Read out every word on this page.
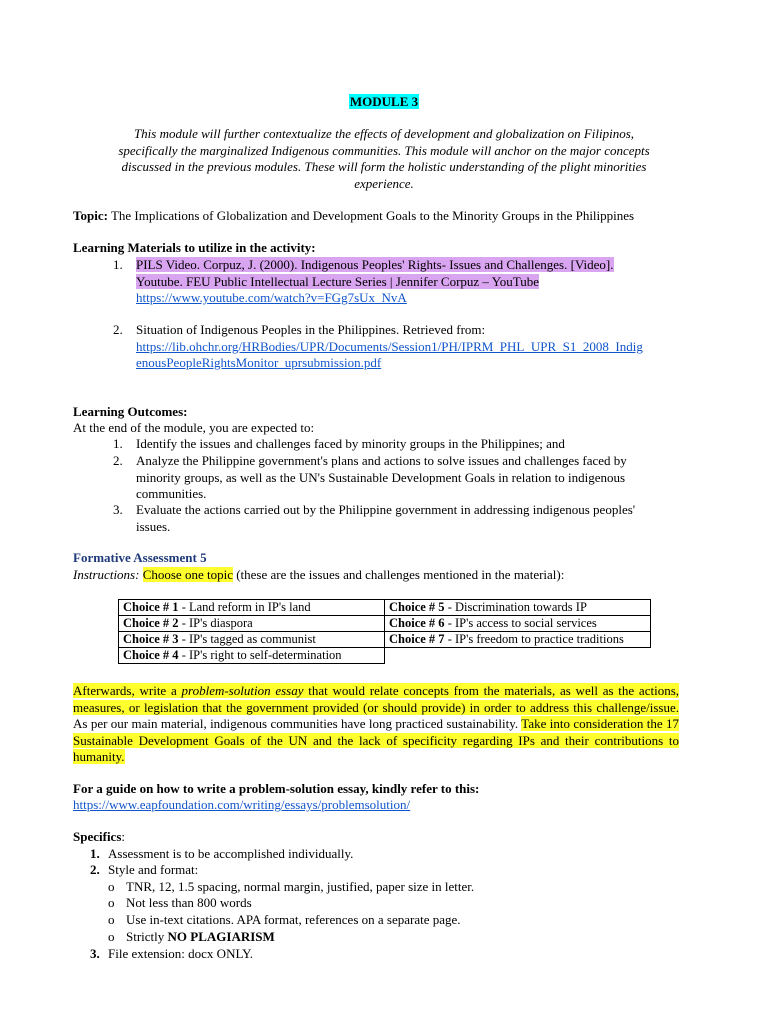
MODULE 3
This module will further contextualize the effects of development and globalization on Filipinos, specifically the marginalized Indigenous communities. This module will anchor on the major concepts discussed in the previous modules. These will form the holistic understanding of the plight minorities experience.
Topic: The Implications of Globalization and Development Goals to the Minority Groups in the Philippines
Learning Materials to utilize in the activity:
1. PILS Video. Corpuz, J. (2000). Indigenous Peoples' Rights- Issues and Challenges. [Video].
Youtube. FEU Public Intellectual Lecture Series | Jennifer Corpuz – YouTube
https://www.youtube.com/watch?v=FGg7sUx_NvA
2. Situation of Indigenous Peoples in the Philippines. Retrieved from:
https://lib.ohchr.org/HRBodies/UPR/Documents/Session1/PH/IPRM_PHL_UPR_S1_2008_Indig
enousPeopleRightsMonitor_uprsubmission.pdf
Learning Outcomes:
At the end of the module, you are expected to:
1. Identify the issues and challenges faced by minority groups in the Philippines; and
2. Analyze the Philippine government's plans and actions to solve issues and challenges faced by minority groups, as well as the UN's Sustainable Development Goals in relation to indigenous communities.
3. Evaluate the actions carried out by the Philippine government in addressing indigenous peoples' issues.
Formative Assessment 5
Instructions: Choose one topic (these are the issues and challenges mentioned in the material):
Choice # 1 - Land reform in IP's land	Choice # 5 - Discrimination towards IP
Choice # 2 - IP's diaspora	Choice # 6 - IP's access to social services
Choice # 3 - IP's tagged as communist	Choice # 7 - IP's freedom to practice traditions
Choice # 4 - IP's right to self-determination	
Afterwards, write a problem-solution essay that would relate concepts from the materials, as well as the actions, measures, or legislation that the government provided (or should provide) in order to address this challenge/issue. As per our main material, indigenous communities have long practiced sustainability. Take into consideration the 17 Sustainable Development Goals of the UN and the lack of specificity regarding IPs and their contributions to humanity.
For a guide on how to write a problem-solution essay, kindly refer to this:
https://www.eapfoundation.com/writing/essays/problemsolution/
Specifics:
1. Assessment is to be accomplished individually.
2. Style and format:
o TNR, 12, 1.5 spacing, normal margin, justified, paper size in letter.
o Not less than 800 words
o Use in-text citations. APA format, references on a separate page.
o Strictly NO PLAGIARISM
3. File extension: docx ONLY.
